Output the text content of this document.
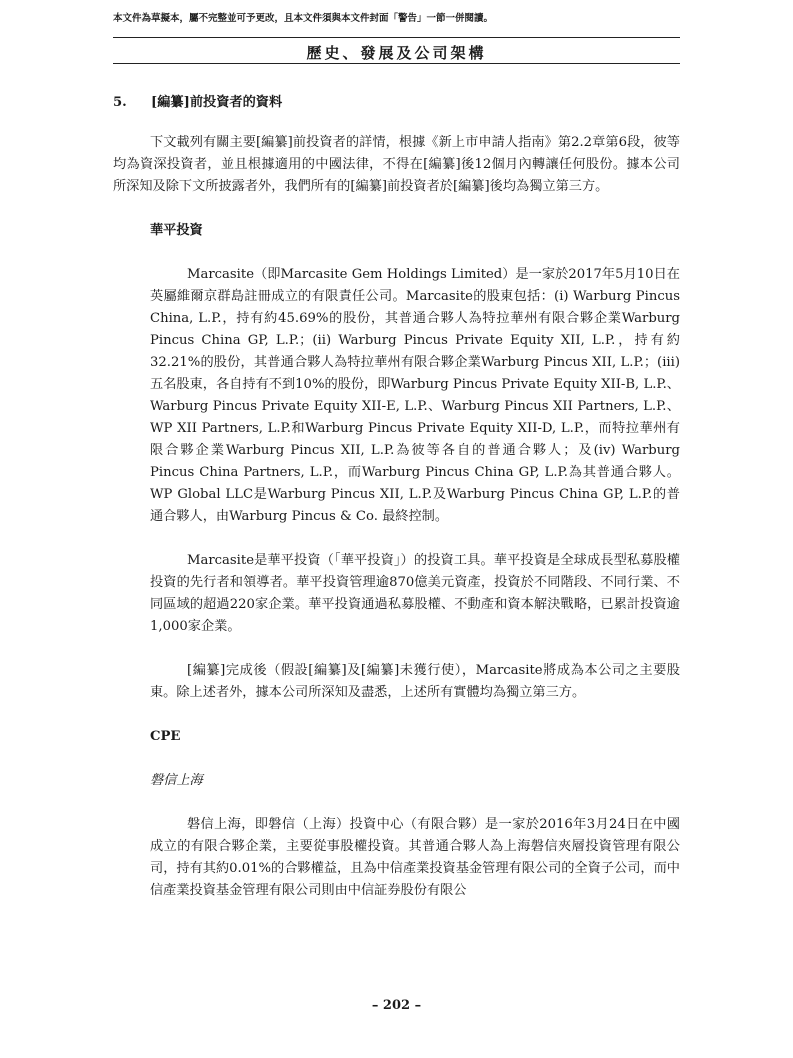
本文件為草擬本，屬不完整並可予更改，且本文件須與本文件封面「警告」一節一併閱讀。
歷史、發展及公司架構
5. [編纂]前投資者的資料

下文載列有關主要[編纂]前投資者的詳情，根據《新上市申請人指南》第2.2章第6段，彼等均為資深投資者，並且根據適用的中國法律，不得在[編纂]後12個月內轉讓任何股份。據本公司所深知及除下文所披露者外，我們所有的[編纂]前投資者於[編纂]後均為獨立第三方。

華平投資

Marcasite（即Marcasite Gem Holdings Limited）是一家於2017年5月10日在英屬維爾京群島註冊成立的有限責任公司。Marcasite的股東包括：(i) Warburg Pincus China, L.P.，持有約45.69%的股份，其普通合夥人為特拉華州有限合夥企業Warburg Pincus China GP, L.P.；(ii) Warburg Pincus Private Equity XII, L.P.，持有約32.21%的股份，其普通合夥人為特拉華州有限合夥企業Warburg Pincus XII, L.P.；(iii)五名股東，各自持有不到10%的股份，即Warburg Pincus Private Equity XII-B, L.P.、Warburg Pincus Private Equity XII-E, L.P.、Warburg Pincus XII Partners, L.P.、WP XII Partners, L.P.和Warburg Pincus Private Equity XII-D, L.P.，而特拉華州有限合夥企業Warburg Pincus XII, L.P.為彼等各自的普通合夥人；及(iv) Warburg Pincus China Partners, L.P.，而Warburg Pincus China GP, L.P.為其普通合夥人。WP Global LLC是Warburg Pincus XII, L.P.及Warburg Pincus China GP, L.P.的普通合夥人，由Warburg Pincus & Co. 最終控制。

Marcasite是華平投資（「華平投資」）的投資工具。華平投資是全球成長型私募股權投資的先行者和領導者。華平投資管理逾870億美元資產，投資於不同階段、不同行業、不同區域的超過220家企業。華平投資通過私募股權、不動產和資本解決戰略，已累計投資逾1,000家企業。

[編纂]完成後（假設[編纂]及[編纂]未獲行使），Marcasite將成為本公司之主要股東。除上述者外，據本公司所深知及盡悉，上述所有實體均為獨立第三方。

CPE
磐信上海

磐信上海，即磐信（上海）投資中心（有限合夥）是一家於2016年3月24日在中國成立的有限合夥企業，主要從事股權投資。其普通合夥人為上海磐信夾層投資管理有限公司，持有其約0.01%的合夥權益，且為中信產業投資基金管理有限公司的全資子公司，而中信產業投資基金管理有限公司則由中信証券股份有限公

– 202 –
